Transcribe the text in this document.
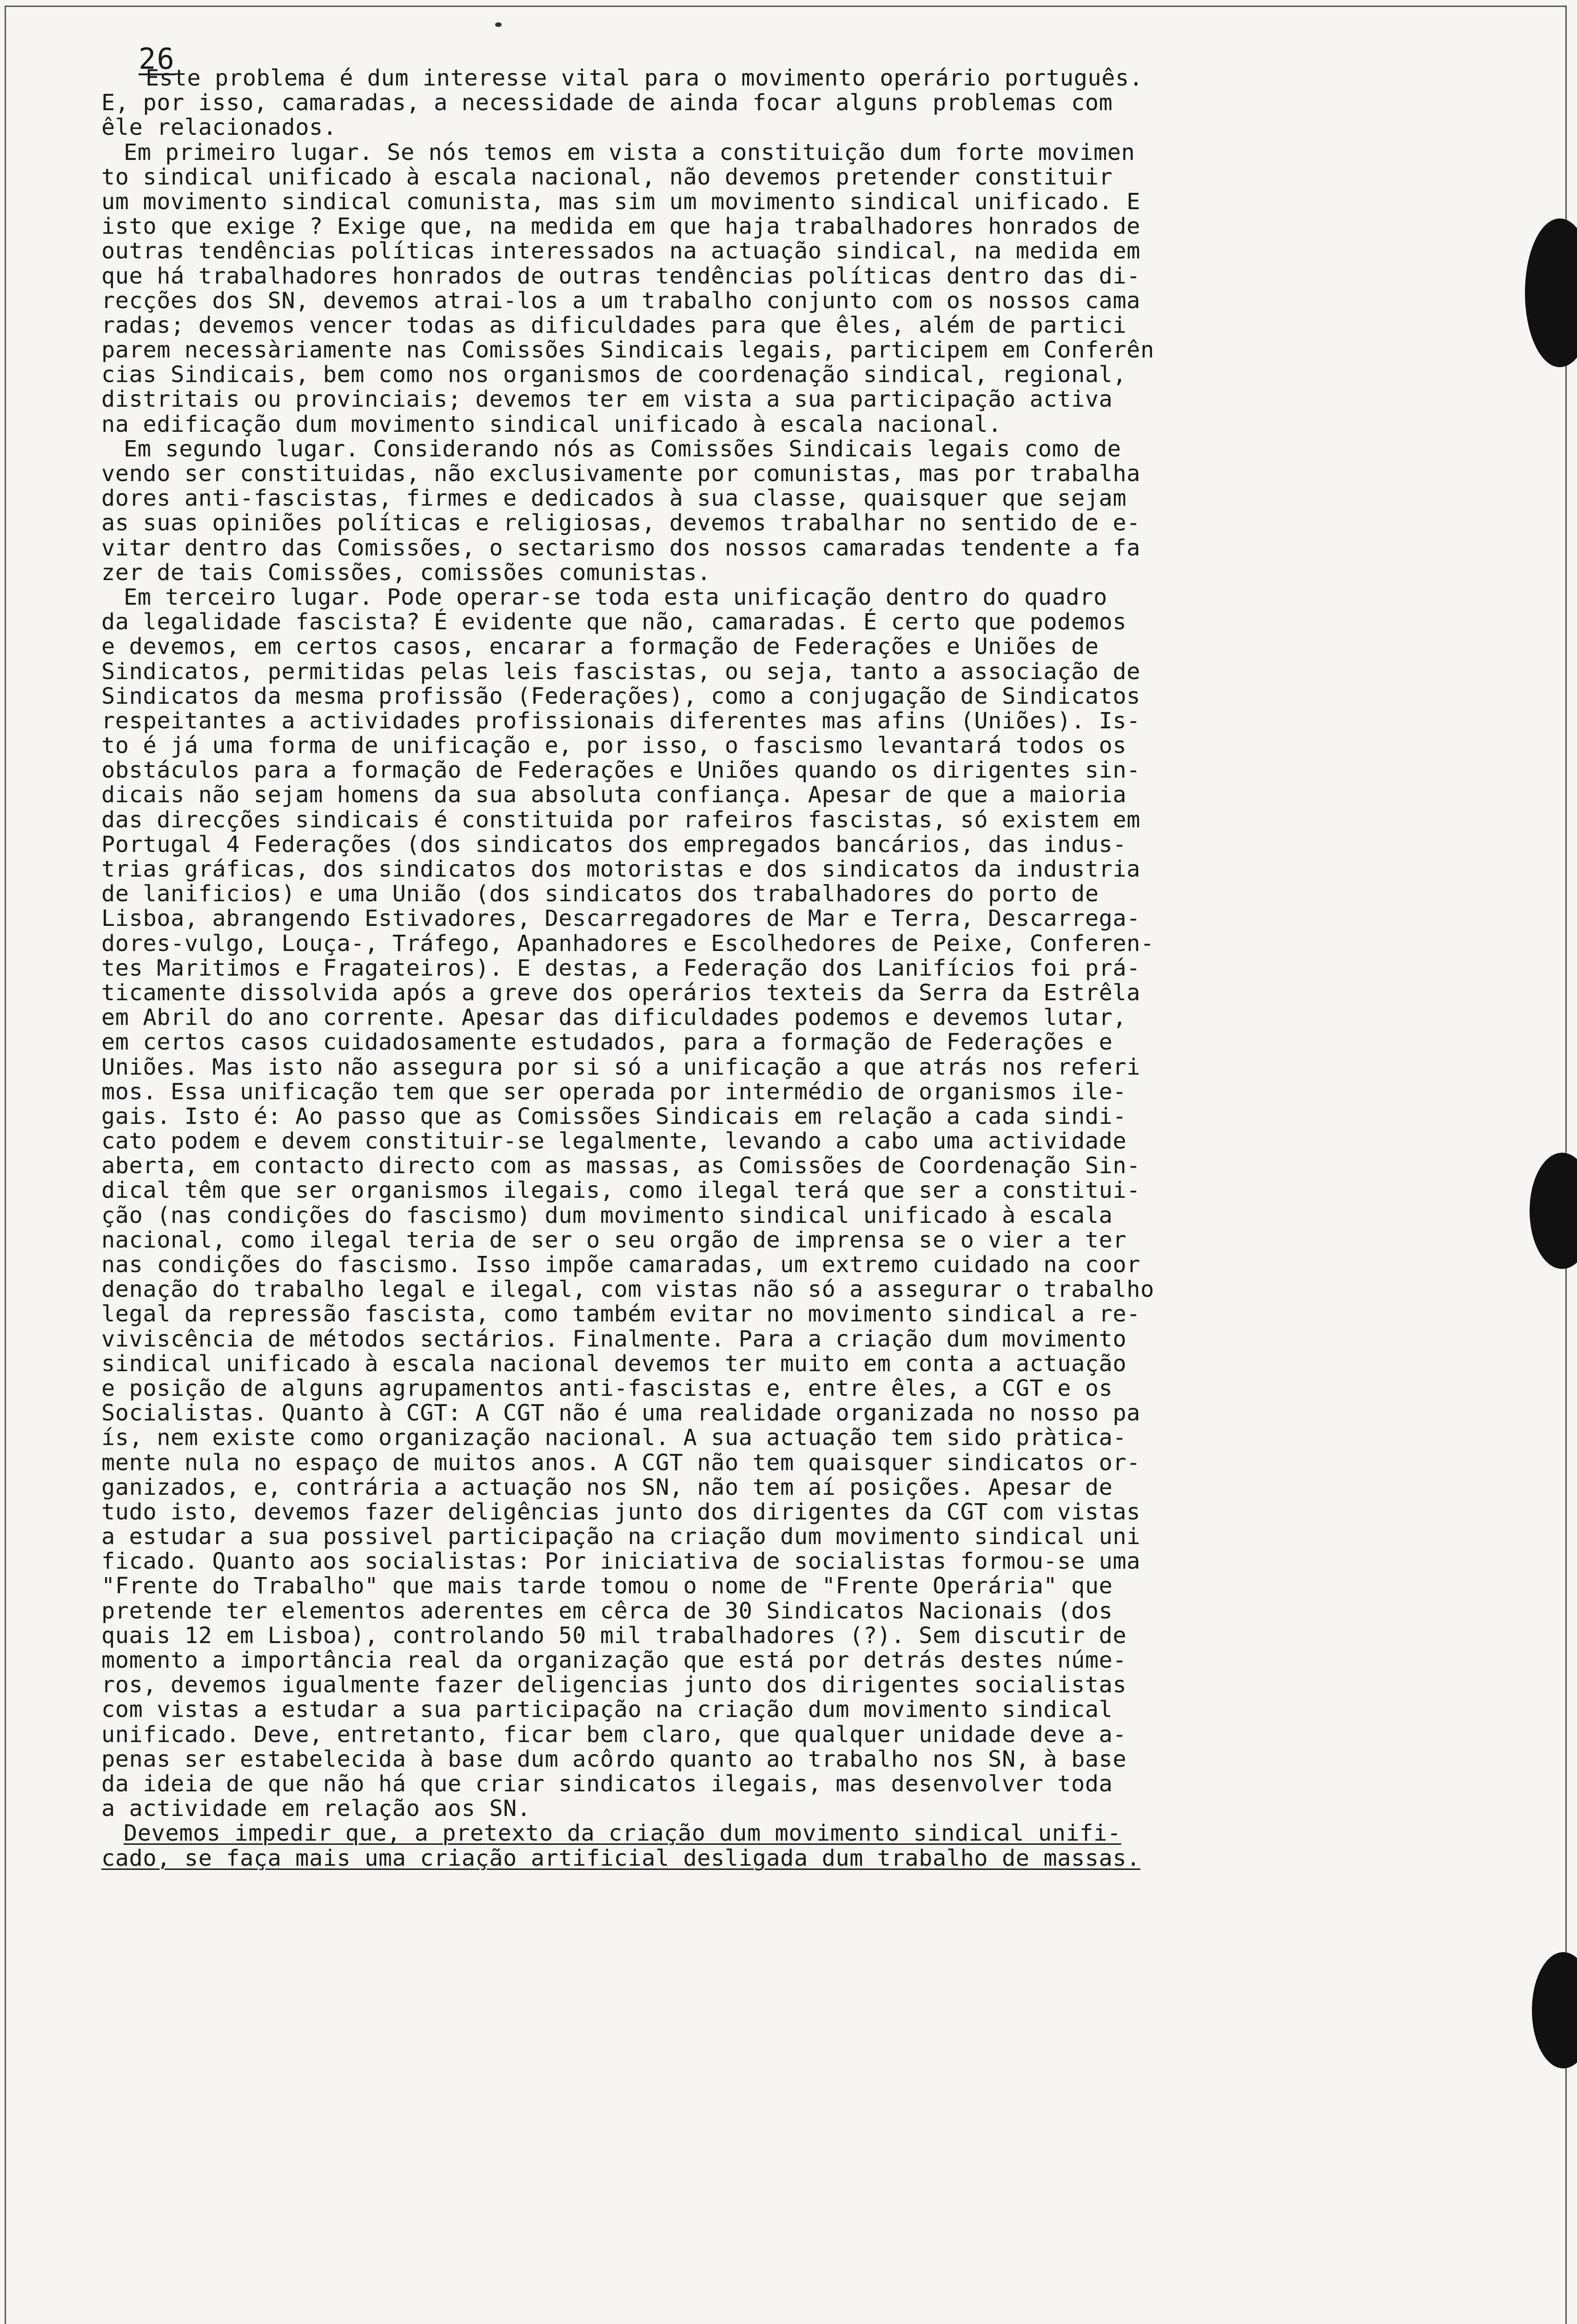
26
Este problema é dum interesse vital para o movimento operário português.
E, por isso, camaradas, a necessidade de ainda focar alguns problemas com
êle relacionados.
Em primeiro lugar. Se nós temos em vista a constituição dum forte movimen
to sindical unificado à escala nacional, não devemos pretender constituir
um movimento sindical comunista, mas sim um movimento sindical unificado. E
isto que exige ? Exige que, na medida em que haja trabalhadores honrados de
outras tendências políticas interessados na actuação sindical, na medida em
que há trabalhadores honrados de outras tendências políticas dentro das di-
recções dos SN, devemos atrai-los a um trabalho conjunto com os nossos cama
radas; devemos vencer todas as dificuldades para que êles, além de partici
parem necessàriamente nas Comissões Sindicais legais, participem em Conferên
cias Sindicais, bem como nos organismos de coordenação sindical, regional,
distritais ou provinciais; devemos ter em vista a sua participação activa
na edificação dum movimento sindical unificado à escala nacional.
Em segundo lugar. Considerando nós as Comissões Sindicais legais como de
vendo ser constituidas, não exclusivamente por comunistas, mas por trabalha
dores anti-fascistas, firmes e dedicados à sua classe, quaisquer que sejam
as suas opiniões políticas e religiosas, devemos trabalhar no sentido de e-
vitar dentro das Comissões, o sectarismo dos nossos camaradas tendente a fa
zer de tais Comissões, comissões comunistas.
Em terceiro lugar. Pode operar-se toda esta unificação dentro do quadro
da legalidade fascista? É evidente que não, camaradas. É certo que podemos
e devemos, em certos casos, encarar a formação de Federações e Uniões de
Sindicatos, permitidas pelas leis fascistas, ou seja, tanto a associação de
Sindicatos da mesma profissão (Federações), como a conjugação de Sindicatos
respeitantes a actividades profissionais diferentes mas afins (Uniões). Is-
to é já uma forma de unificação e, por isso, o fascismo levantará todos os
obstáculos para a formação de Federações e Uniões quando os dirigentes sin-
dicais não sejam homens da sua absoluta confiança. Apesar de que a maioria
das direcções sindicais é constituida por rafeiros fascistas, só existem em
Portugal 4 Federações (dos sindicatos dos empregados bancários, das indus-
trias gráficas, dos sindicatos dos motoristas e dos sindicatos da industria
de lanificios) e uma União (dos sindicatos dos trabalhadores do porto de
Lisboa, abrangendo Estivadores, Descarregadores de Mar e Terra, Descarrega-
dores-vulgo, Louça-, Tráfego, Apanhadores e Escolhedores de Peixe, Conferen-
tes Maritimos e Fragateiros). E destas, a Federação dos Lanifícios foi prá-
ticamente dissolvida após a greve dos operários texteis da Serra da Estrêla
em Abril do ano corrente. Apesar das dificuldades podemos e devemos lutar,
em certos casos cuidadosamente estudados, para a formação de Federações e
Uniões. Mas isto não assegura por si só a unificação a que atrás nos referi
mos. Essa unificação tem que ser operada por intermédio de organismos ile-
gais. Isto é: Ao passo que as Comissões Sindicais em relação a cada sindi-
cato podem e devem constituir-se legalmente, levando a cabo uma actividade
aberta, em contacto directo com as massas, as Comissões de Coordenação Sin-
dical têm que ser organismos ilegais, como ilegal terá que ser a constitui-
ção (nas condições do fascismo) dum movimento sindical unificado à escala
nacional, como ilegal teria de ser o seu orgão de imprensa se o vier a ter
nas condições do fascismo. Isso impõe camaradas, um extremo cuidado na coor
denação do trabalho legal e ilegal, com vistas não só a assegurar o trabalho
legal da repressão fascista, como também evitar no movimento sindical a re-
viviscência de métodos sectários. Finalmente. Para a criação dum movimento
sindical unificado à escala nacional devemos ter muito em conta a actuação
e posição de alguns agrupamentos anti-fascistas e, entre êles, a CGT e os
Socialistas. Quanto à CGT: A CGT não é uma realidade organizada no nosso pa
ís, nem existe como organização nacional. A sua actuação tem sido pràtica-
mente nula no espaço de muitos anos. A CGT não tem quaisquer sindicatos or-
ganizados, e, contrária a actuação nos SN, não tem aí posições. Apesar de
tudo isto, devemos fazer deligências junto dos dirigentes da CGT com vistas
a estudar a sua possivel participação na criação dum movimento sindical uni
ficado. Quanto aos socialistas: Por iniciativa de socialistas formou-se uma
"Frente do Trabalho" que mais tarde tomou o nome de "Frente Operária" que
pretende ter elementos aderentes em cêrca de 30 Sindicatos Nacionais (dos
quais 12 em Lisboa), controlando 50 mil trabalhadores (?). Sem discutir de
momento a importância real da organização que está por detrás destes núme-
ros, devemos igualmente fazer deligencias junto dos dirigentes socialistas
com vistas a estudar a sua participação na criação dum movimento sindical
unificado. Deve, entretanto, ficar bem claro, que qualquer unidade deve a-
penas ser estabelecida à base dum acôrdo quanto ao trabalho nos SN, à base
da ideia de que não há que criar sindicatos ilegais, mas desenvolver toda
a actividade em relação aos SN.
Devemos impedir que, a pretexto da criação dum movimento sindical unifi-
cado, se faça mais uma criação artificial desligada dum trabalho de massas.
